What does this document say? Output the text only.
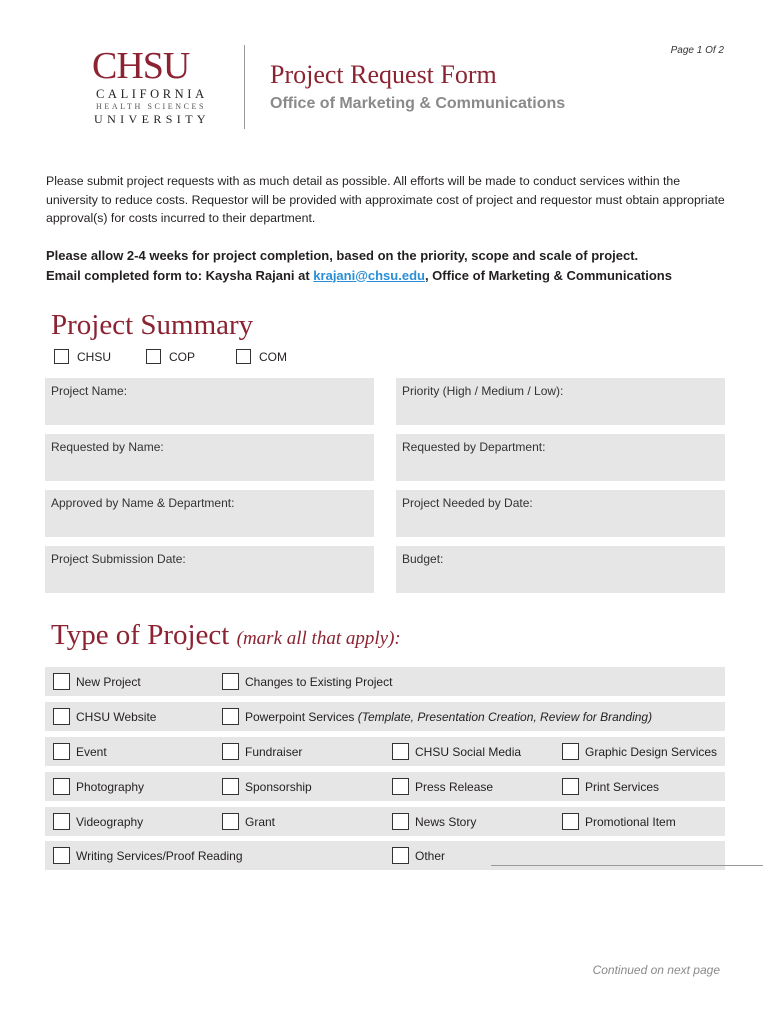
Page 1 Of 2
CHSU
CALIFORNIA
HEALTH SCIENCES
UNIVERSITY
Project Request Form
Office of Marketing & Communications
Please submit project requests with as much detail as possible. All efforts will be made to conduct services within the university to reduce costs. Requestor will be provided with approximate cost of project and requestor must obtain appropriate approval(s) for costs incurred to their department.
Please allow 2-4 weeks for project completion, based on the priority, scope and scale of project.
Email completed form to: Kaysha Rajani at krajani@chsu.edu, Office of Marketing & Communications
Project Summary
CHSU	COP	COM
Project Name:	Priority (High / Medium / Low):
Requested by Name:	Requested by Department:
Approved by Name & Department:	Project Needed by Date:
Project Submission Date:	Budget:
Type of Project (mark all that apply):
New Project	Changes to Existing Project
CHSU Website	Powerpoint Services
(Template, Presentation Creation, Review for Branding)
Event	Fundraiser	CHSU Social Media	Graphic Design Services
Photography	Sponsorship	Press Release	Print Services
Videography	Grant	News Story	Promotional Item
Writing Services/Proof Reading	Other
Continued on next page
